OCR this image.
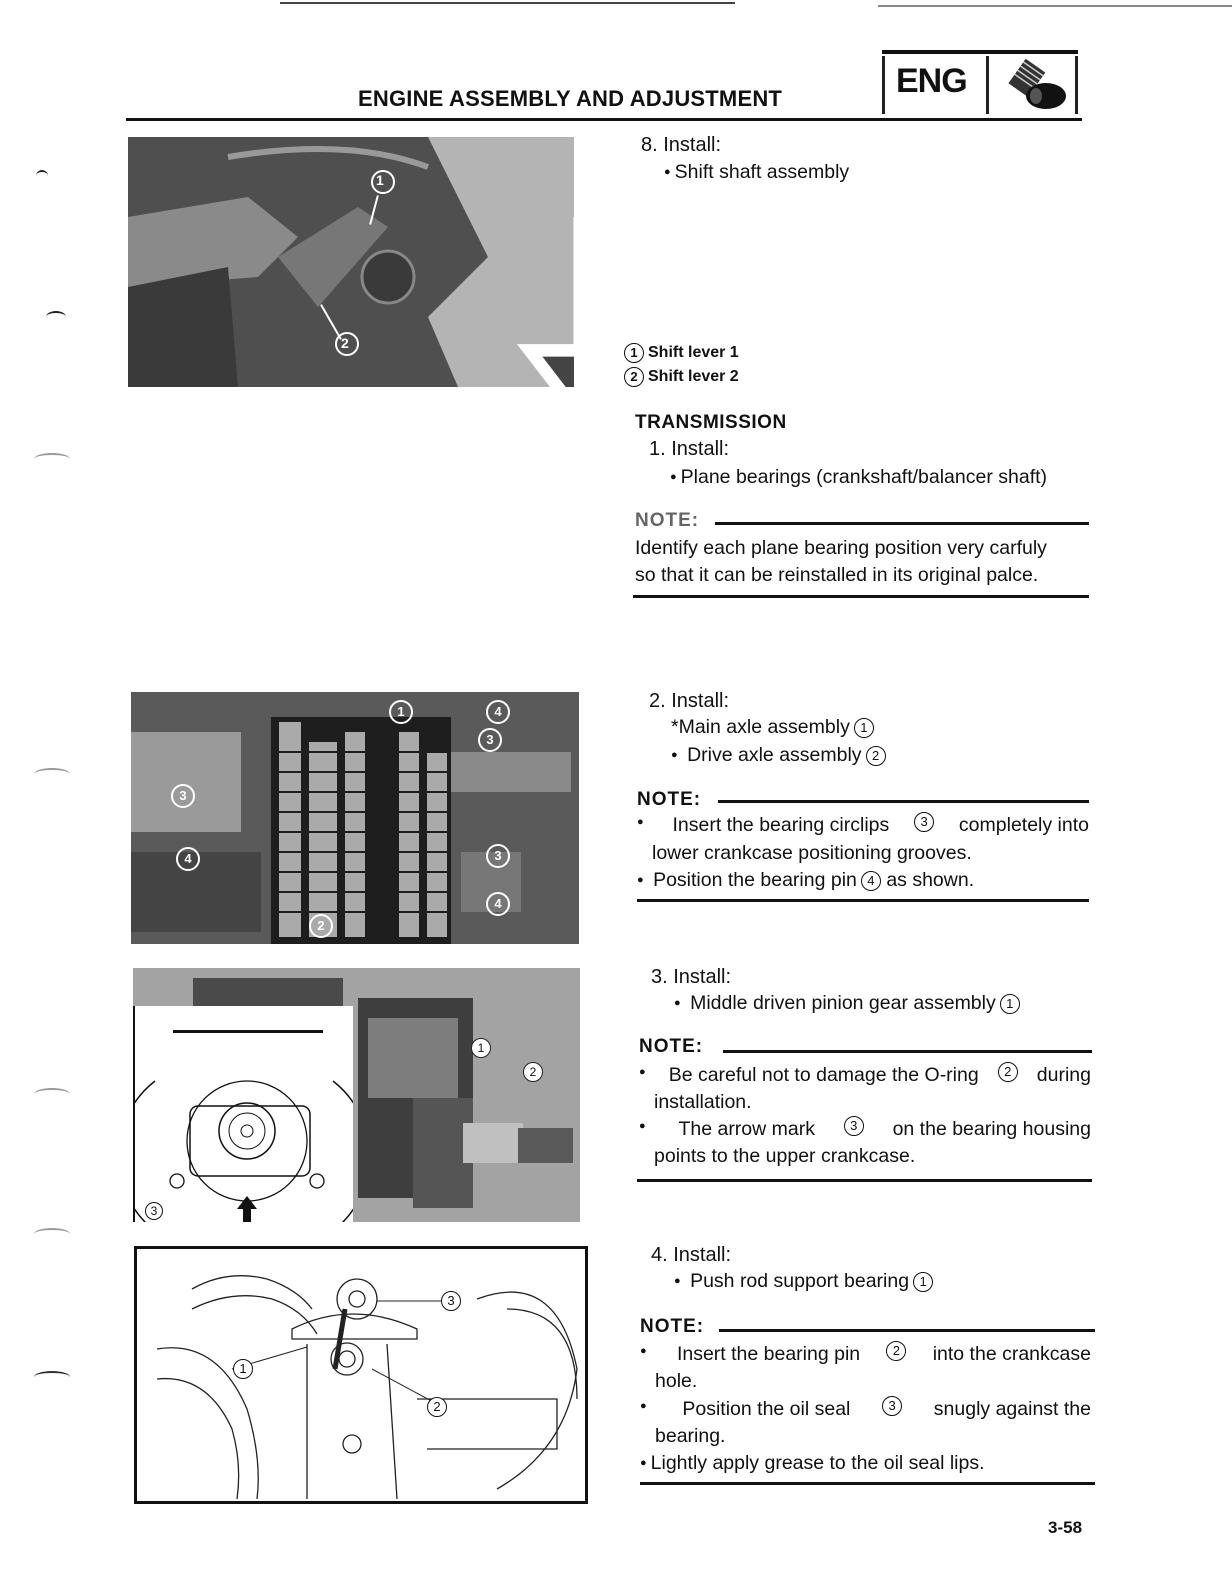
ENGINE ASSEMBLY AND ADJUSTMENT	ENG
1
2
8. Install:
● Shift shaft assembly
1 Shift lever 1
2 Shift lever 2
TRANSMISSION
1. Install:
● Plane bearings (crankshaft/balancer shaft)
NOTE:
Identify each plane bearing position very carfuly
so that it can be reinstalled in its original palce.
1
2
3
3
3
4
4
4	2. Install:
*Main axle assembly 1
● Drive axle assembly 2
NOTE:
● Insert the bearing circlips	3	completely into
lower crankcase positioning grooves.
● Position the bearing pin 4 as shown.
1
2
3
3. Install:
● Middle driven pinion gear assembly 1
NOTE:
● Be careful not to damage the O-ring	2	during
installation.
● The arrow mark	3	on the bearing housing
points to the upper crankcase.
1
2
3
4. Install:
● Push rod support bearing 1
NOTE:
● Insert the bearing pin	2	into the crankcase
hole.
● Position the oil seal	3	snugly against the
bearing.
● Lightly apply grease to the oil seal lips.
3-58
